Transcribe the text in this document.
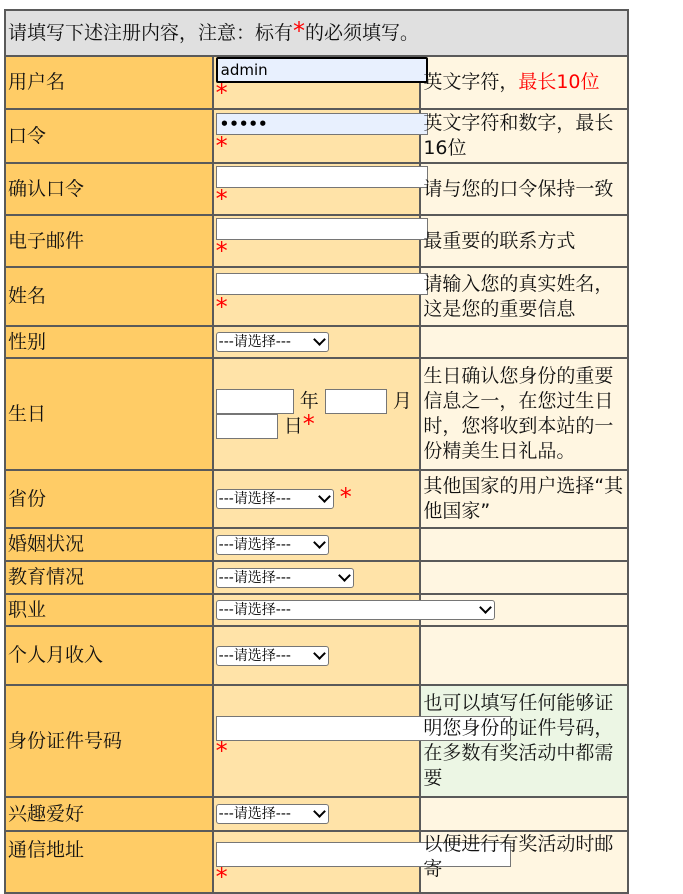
请填写下述注册内容，注意：标有*的必须填写。		
用户名	admin *	英文字符，最长10位
口令	••••• *	英文字符和数字，最长16位
确认口令	*	请与您的口令保持一致
电子邮件	*	最重要的联系方式
姓名	*	请输入您的真实姓名，这是您的重要信息
性别	---请选择---

生日	年 月  日*	生日确认您身份的重要信息之一，在您过生日时，您将收到本站的一份精美生日礼品。
省份	---请选择--- *	其他国家的用户选择“其他国家”
婚姻状况	---请选择---

教育情况	---请选择---

职业	---请选择---

个人月收入	---请选择---

身份证件号码	*	也可以填写任何能够证明您身份的证件号码，在多数有奖活动中都需要
兴趣爱好	---请选择---

通信地址	*	以便进行有奖活动时邮寄
